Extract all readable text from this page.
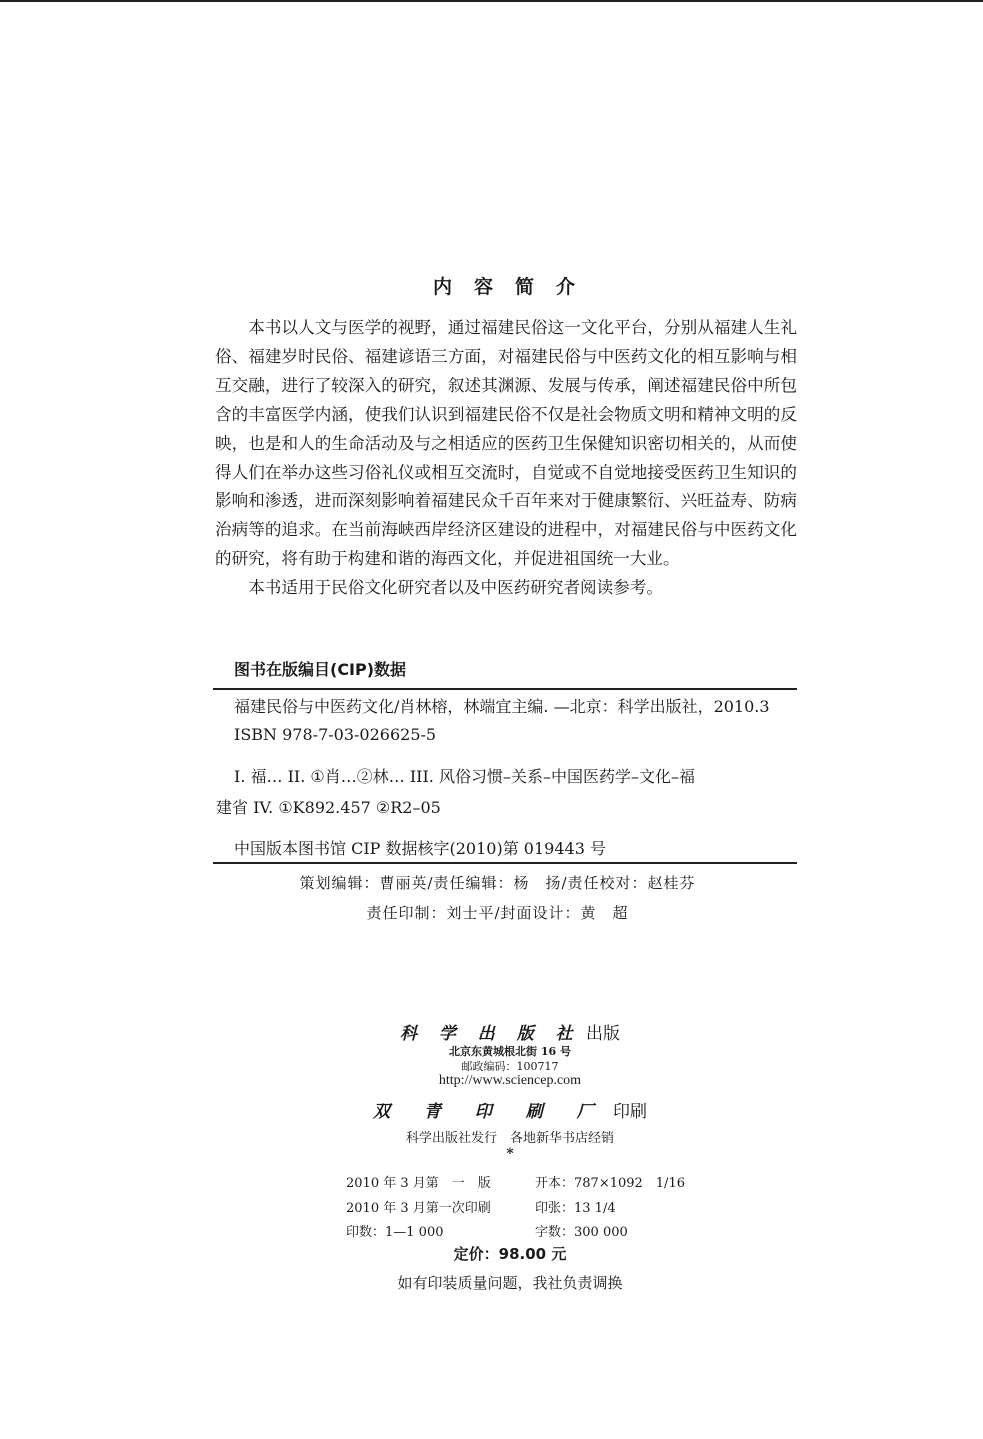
内容简介

本书以人文与医学的视野，通过福建民俗这一文化平台，分别从福建人生礼俗、福建岁时民俗、福建谚语三方面，对福建民俗与中医药文化的相互影响与相互交融，进行了较深入的研究，叙述其渊源、发展与传承，阐述福建民俗中所包含的丰富医学内涵，使我们认识到福建民俗不仅是社会物质文明和精神文明的反映，也是和人的生命活动及与之相适应的医药卫生保健知识密切相关的，从而使得人们在举办这些习俗礼仪或相互交流时，自觉或不自觉地接受医药卫生知识的影响和渗透，进而深刻影响着福建民众千百年来对于健康繁衍、兴旺益寿、防病治病等的追求。在当前海峡西岸经济区建设的进程中，对福建民俗与中医药文化的研究，将有助于构建和谐的海西文化，并促进祖国统一大业。

本书适用于民俗文化研究者以及中医药研究者阅读参考。

图书在版编目(CIP)数据
福建民俗与中医药文化/肖林榕，林端宜主编. —北京：科学出版社，2010.3
ISBN 978-7-03-026625-5
I. 福… II. ①肖…②林… III. 风俗习惯–关系–中国医药学–文化–福
建省 IV. ①K892.457 ②R2–05
中国版本图书馆 CIP 数据核字(2010)第 019443 号
策划编辑：曹丽英/责任编辑：杨　扬/责任校对：赵桂芬
责任印制：刘士平/封面设计：黄　超
科 学 出 版 社 出版
北京东黄城根北街 16 号
邮政编码：100717
http://www.sciencep.com
双 青 印 刷 厂 印刷
科学出版社发行　各地新华书店经销
*
2010 年 3 月第　一　版	开本：787×1092　1/16
2010 年 3 月第一次印刷	印张：13 1/4
印数：1—1 000	字数：300 000
定价：98.00 元
如有印装质量问题，我社负责调换
